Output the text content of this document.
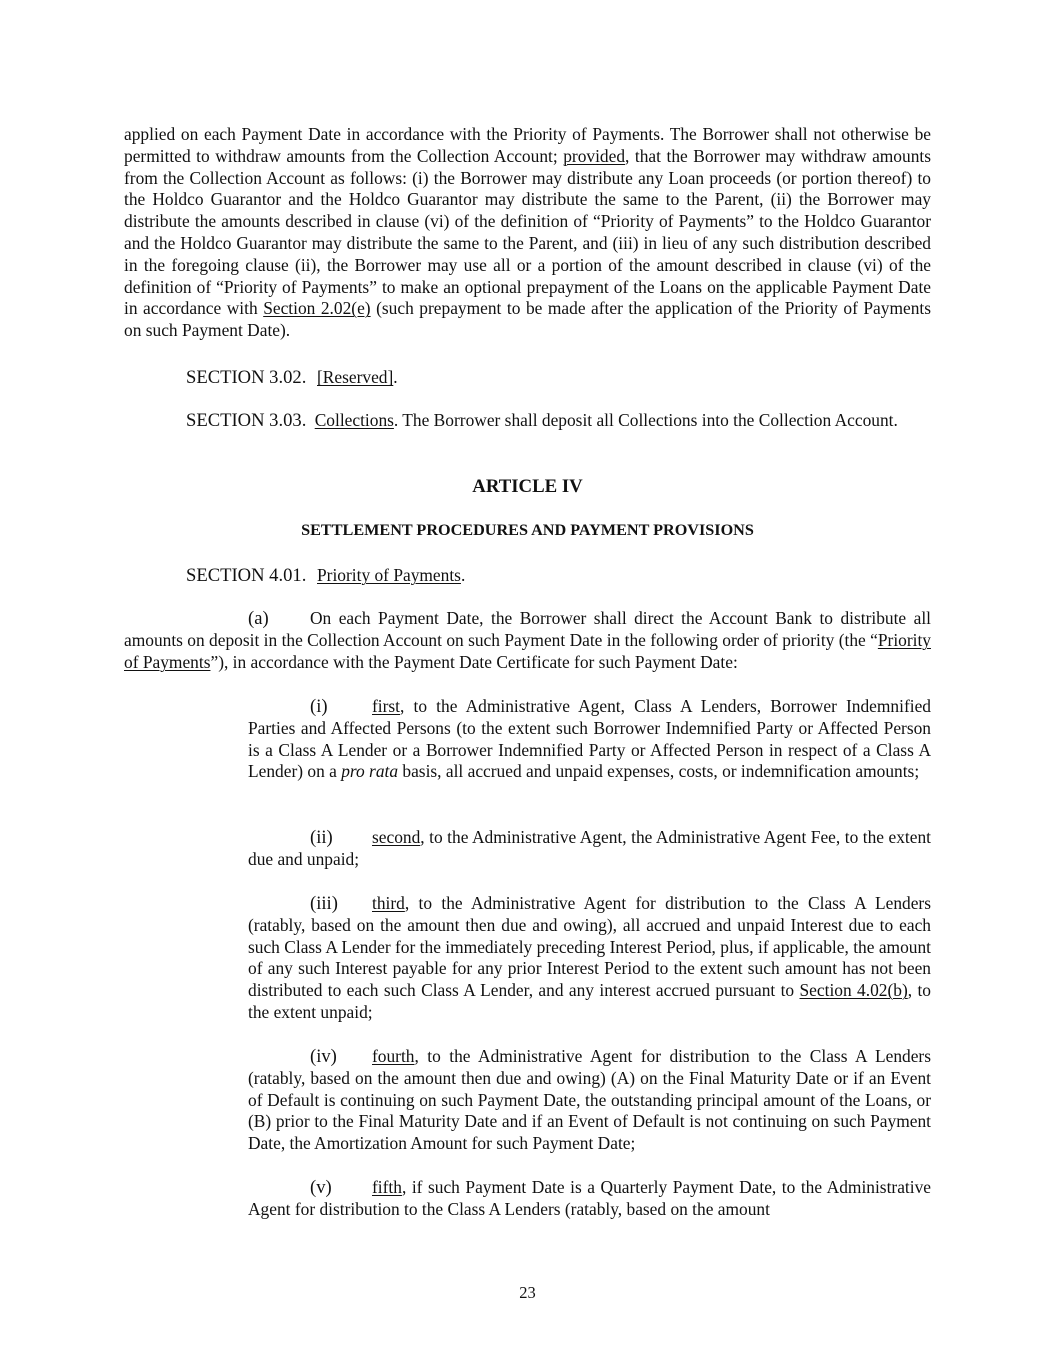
applied on each Payment Date in accordance with the Priority of Payments. The Borrower shall not otherwise be permitted to withdraw amounts from the Collection Account; provided, that the Borrower may withdraw amounts from the Collection Account as follows: (i) the Borrower may distribute any Loan proceeds (or portion thereof) to the Holdco Guarantor and the Holdco Guarantor may distribute the same to the Parent, (ii) the Borrower may distribute the amounts described in clause (vi) of the definition of “Priority of Payments” to the Holdco Guarantor and the Holdco Guarantor may distribute the same to the Parent, and (iii) in lieu of any such distribution described in the foregoing clause (ii), the Borrower may use all or a portion of the amount described in clause (vi) of the definition of “Priority of Payments” to make an optional prepayment of the Loans on the applicable Payment Date in accordance with Section 2.02(e) (such prepayment to be made after the application of the Priority of Payments on such Payment Date).

SECTION 3.02. [Reserved].

SECTION 3.03. Collections. The Borrower shall deposit all Collections into the Collection Account.

ARTICLE IV

SETTLEMENT PROCEDURES AND PAYMENT PROVISIONS

SECTION 4.01. Priority of Payments.

(a) On each Payment Date, the Borrower shall direct the Account Bank to distribute all amounts on deposit in the Collection Account on such Payment Date in the following order of priority (the “Priority of Payments”), in accordance with the Payment Date Certificate for such Payment Date:

(i)	first, to the Administrative Agent, Class A Lenders, Borrower Indemnified Parties and Affected Persons (to the extent such Borrower Indemnified Party or Affected Person is a Class A Lender or a Borrower Indemnified Party or Affected Person in respect of a Class A Lender) on a pro rata basis, all accrued and unpaid expenses, costs, or indemnification amounts;

(ii) second, to the Administrative Agent, the Administrative Agent Fee, to the extent due and unpaid;

(iii) third, to the Administrative Agent for distribution to the Class A Lenders (ratably, based on the amount then due and owing), all accrued and unpaid Interest due to each such Class A Lender for the immediately preceding Interest Period, plus, if applicable, the amount of any such Interest payable for any prior Interest Period to the extent such amount has not been distributed to each such Class A Lender, and any interest accrued pursuant to Section 4.02(b), to the extent unpaid;

(iv) fourth, to the Administrative Agent for distribution to the Class A Lenders (ratably, based on the amount then due and owing) (A) on the Final Maturity Date or if an Event of Default is continuing on such Payment Date, the outstanding principal amount of the Loans, or (B) prior to the Final Maturity Date and if an Event of Default is not continuing on such Payment Date, the Amortization Amount for such Payment Date;

(v) fifth, if such Payment Date is a Quarterly Payment Date, to the Administrative Agent for distribution to the Class A Lenders (ratably, based on the amount

23
